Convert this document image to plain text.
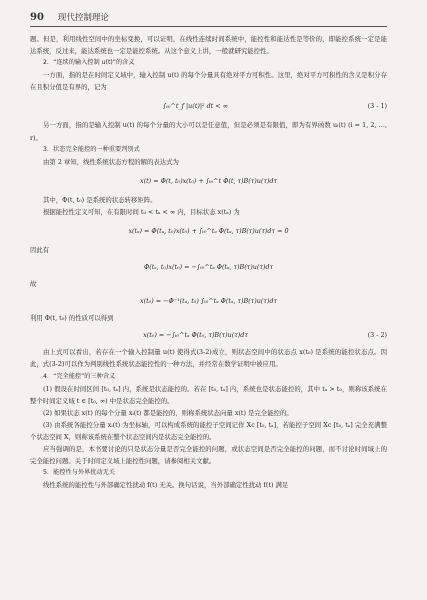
90 现代控制理论

题。但是，利用线性空间中的坐标变换，可以证明，在线性连续时间系统中，能控性和能达性是等价的，即能控系统一定是能达系统，反过来，能达系统也一定是能控系统。从这个意义上讲，一般就研究能控性。

2．“连续的输入控制 u(t)”的含义

一方面，指的是在时间定义域中，输入控制 u(t) 的每个分量具有绝对平方可积性。这里，绝对平方可积性的含义是积分存在且积分值是有界的，记为

∫ₜ₀^t_f |u(t)|² dt < ∞	(3 - 1)

另一方面，指的是输入控制 u(t) 的每个分量的大小可以是任意值，但是必须是有限值，即为有界函数 uᵢ(t) (i = 1, 2, …, r)。

3．状态完全能控的一种重要判别式

由第 2 章知，线性系统状态方程的解的表达式为

x(t) = Φ(t, t₀)x(t₀) + ∫ₜ₀^t Φ(t, τ)B(τ)u(τ)dτ

其中，Φ(t, t₀) 是系统的状态转移矩阵。

根据能控性定义可知，在有限时间 t₀ < tₐ < ∞ 内，目标状态 x(tₐ) 为

x(tₐ) = Φ(tₐ, t₀)x(t₀) + ∫ₜ₀^tₐ Φ(tₐ, τ)B(τ)u(τ)dτ = 0

因此有

Φ(tₐ, t₀)x(t₀) = −∫ₜ₀^tₐ Φ(tₐ, τ)B(τ)u(τ)dτ

故

x(t₀) = −Φ⁻¹(tₐ, t₀) ∫ₜ₀^tₐ Φ(tₐ, τ)B(τ)u(τ)dτ

利用 Φ(t, t₀) 的性质可以得到

x(t₀) = −∫ₜ₀^tₐ Φ(t₀, τ)B(τ)u(τ)dτ	(3 - 2)

由上式可以看出，若存在一个输入控制量 u(t) 使得式(3-2)成立，则状态空间中的状态点 x(t₀) 是系统的能控状态点。因此，式(3-2)可以作为判别线性系统状态能控性的一种方法，并经常在数学证明中被应用。

4．“完全能控”的三种含义

(1) 假设在时间区间 [t₀, tₐ] 内，系统是状态能控的。若在 [t₀, tₐ] 内，系统也是状态能控的，其中 tₐ > t₀，则称该系统在整个时间定义域 t ∈ [t₀, ∞) 中是状态完全能控的。

(2) 如果状态 x(t) 的每个分量 xᵢ(t) 都是能控的，则称系统状态向量 x(t) 是完全能控的。

(3) 由系统各能控分量 xᵢ(t) 为坐标轴，可以构成系统的能控子空间记作 Xc [t₀, tₐ]，若能控子空间 Xc [t₀, tₐ] 完全充满整个状态空间 X，则称该系统在整个状态空间内是状态完全能控的。

应当强调的是，本书要讨论的只是状态分量是否完全能控的问题，或状态空间是否完全能控的问题，而不讨论时间域上的完全能控问题。关于时间定义域上能控性问题，请参阅相关文献。

5．能控性与外界扰动无关

线性系统的能控性与外部确定性扰动 f(t) 无关。换句话说，当外部确定性扰动 f(t) 满足
